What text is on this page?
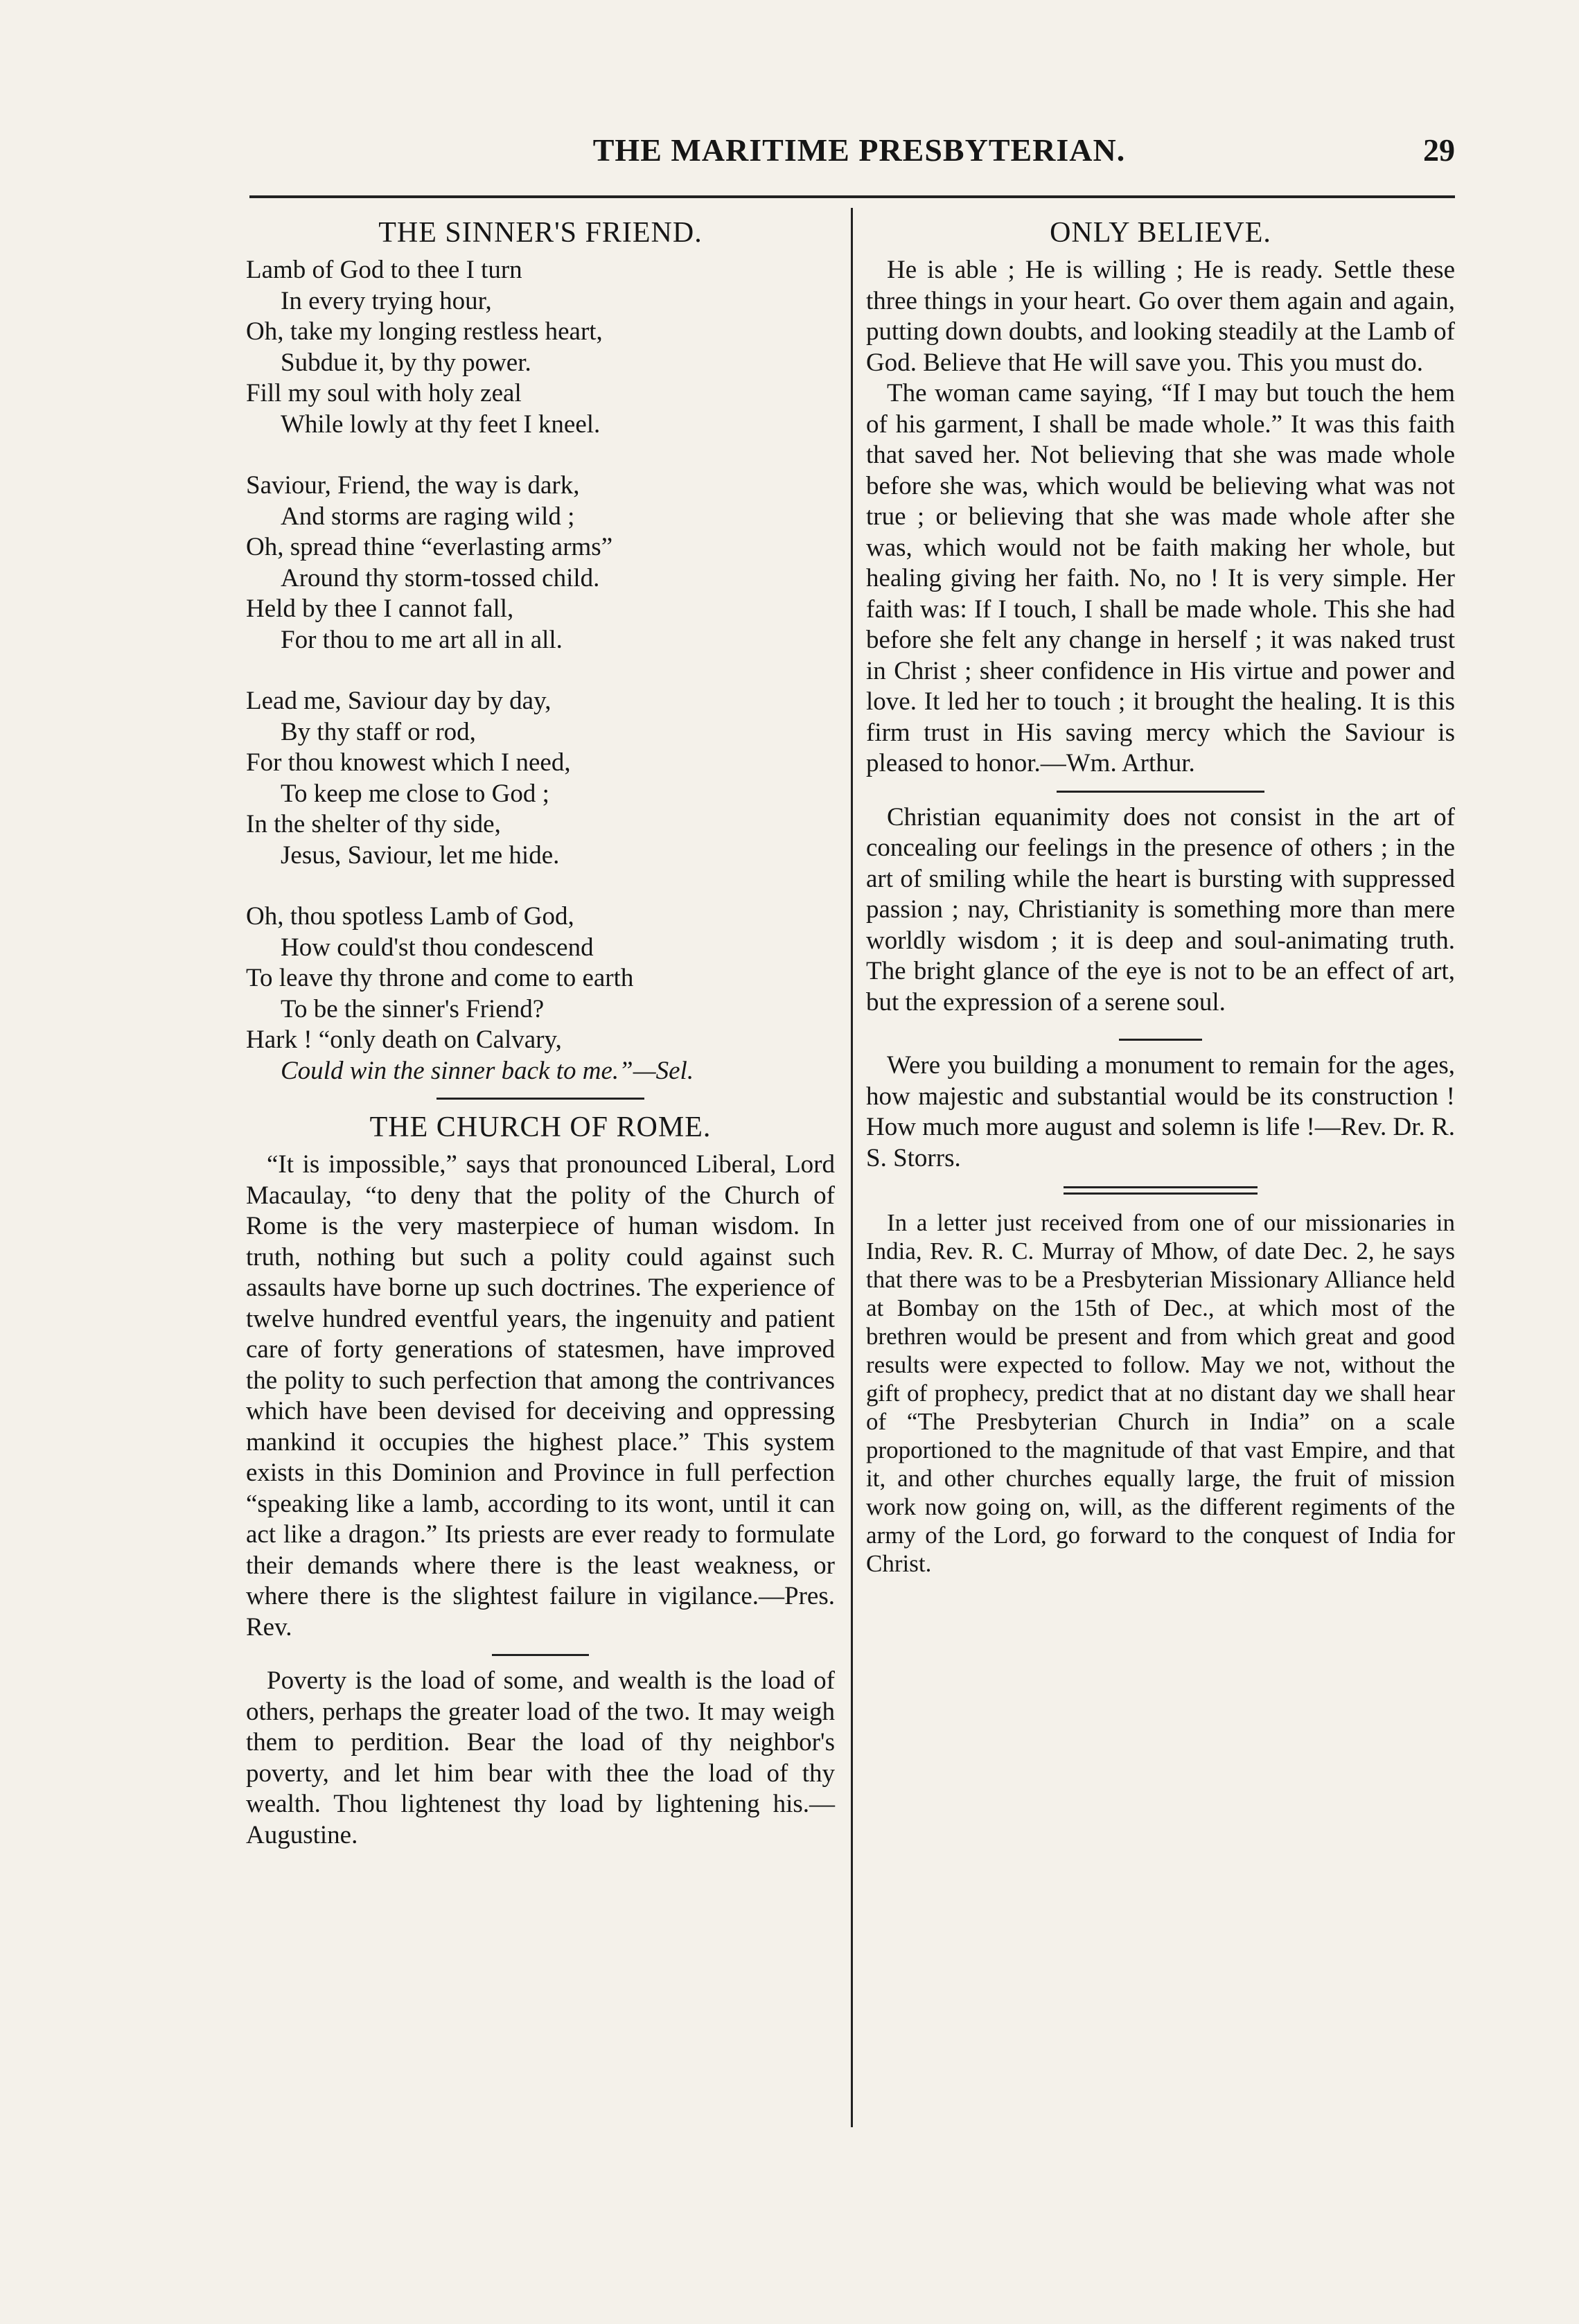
THE MARITIME PRESBYTERIAN.	29
THE SINNER'S FRIEND.
Lamb of God to thee I turn
In every trying hour,
Oh, take my longing restless heart,
Subdue it, by thy power.
Fill my soul with holy zeal
While lowly at thy feet I kneel.
Saviour, Friend, the way is dark,
And storms are raging wild ;
Oh, spread thine “everlasting arms”
Around thy storm-tossed child.
Held by thee I cannot fall,
For thou to me art all in all.
Lead me, Saviour day by day,
By thy staff or rod,
For thou knowest which I need,
To keep me close to God ;
In the shelter of thy side,
Jesus, Saviour, let me hide.
Oh, thou spotless Lamb of God,
How could'st thou condescend
To leave thy throne and come to earth
To be the sinner's Friend?
Hark ! “only death on Calvary,
Could win the sinner back to me.”—Sel.
THE CHURCH OF ROME.

“It is impossible,” says that pronounced Liberal, Lord Macaulay, “to deny that the polity of the Church of Rome is the very masterpiece of human wisdom. In truth, nothing but such a polity could against such assaults have borne up such doctrines. The experience of twelve hundred eventful years, the ingenuity and patient care of forty generations of statesmen, have improved the polity to such perfection that among the contrivances which have been devised for deceiving and oppressing mankind it occupies the highest place.” This system exists in this Dominion and Province in full perfection “speaking like a lamb, according to its wont, until it can act like a dragon.” Its priests are ever ready to formulate their demands where there is the least weakness, or where there is the slightest failure in vigilance.—Pres. Rev.

Poverty is the load of some, and wealth is the load of others, perhaps the greater load of the two. It may weigh them to perdition. Bear the load of thy neighbor's poverty, and let him bear with thee the load of thy wealth. Thou lightenest thy load by lightening his.—Augustine.

ONLY BELIEVE.

He is able ; He is willing ; He is ready. Settle these three things in your heart. Go over them again and again, putting down doubts, and looking steadily at the Lamb of God. Believe that He will save you. This you must do.

The woman came saying, “If I may but touch the hem of his garment, I shall be made whole.” It was this faith that saved her. Not believing that she was made whole before she was, which would be believing what was not true ; or believing that she was made whole after she was, which would not be faith making her whole, but healing giving her faith. No, no ! It is very simple. Her faith was: If I touch, I shall be made whole. This she had before she felt any change in herself ; it was naked trust in Christ ; sheer confidence in His virtue and power and love. It led her to touch ; it brought the healing. It is this firm trust in His saving mercy which the Saviour is pleased to honor.—Wm. Arthur.

Christian equanimity does not consist in the art of concealing our feelings in the presence of others ; in the art of smiling while the heart is bursting with suppressed passion ; nay, Christianity is something more than mere worldly wisdom ; it is deep and soul-animating truth. The bright glance of the eye is not to be an effect of art, but the expression of a serene soul.

Were you building a monument to remain for the ages, how majestic and substantial would be its construction ! How much more august and solemn is life !—Rev. Dr. R. S. Storrs.

In a letter just received from one of our missionaries in India, Rev. R. C. Murray of Mhow, of date Dec. 2, he says that there was to be a Presbyterian Missionary Alliance held at Bombay on the 15th of Dec., at which most of the brethren would be present and from which great and good results were expected to follow. May we not, without the gift of prophecy, predict that at no distant day we shall hear of “The Presbyterian Church in India” on a scale proportioned to the magnitude of that vast Empire, and that it, and other churches equally large, the fruit of mission work now going on, will, as the different regiments of the army of the Lord, go forward to the conquest of India for Christ.
